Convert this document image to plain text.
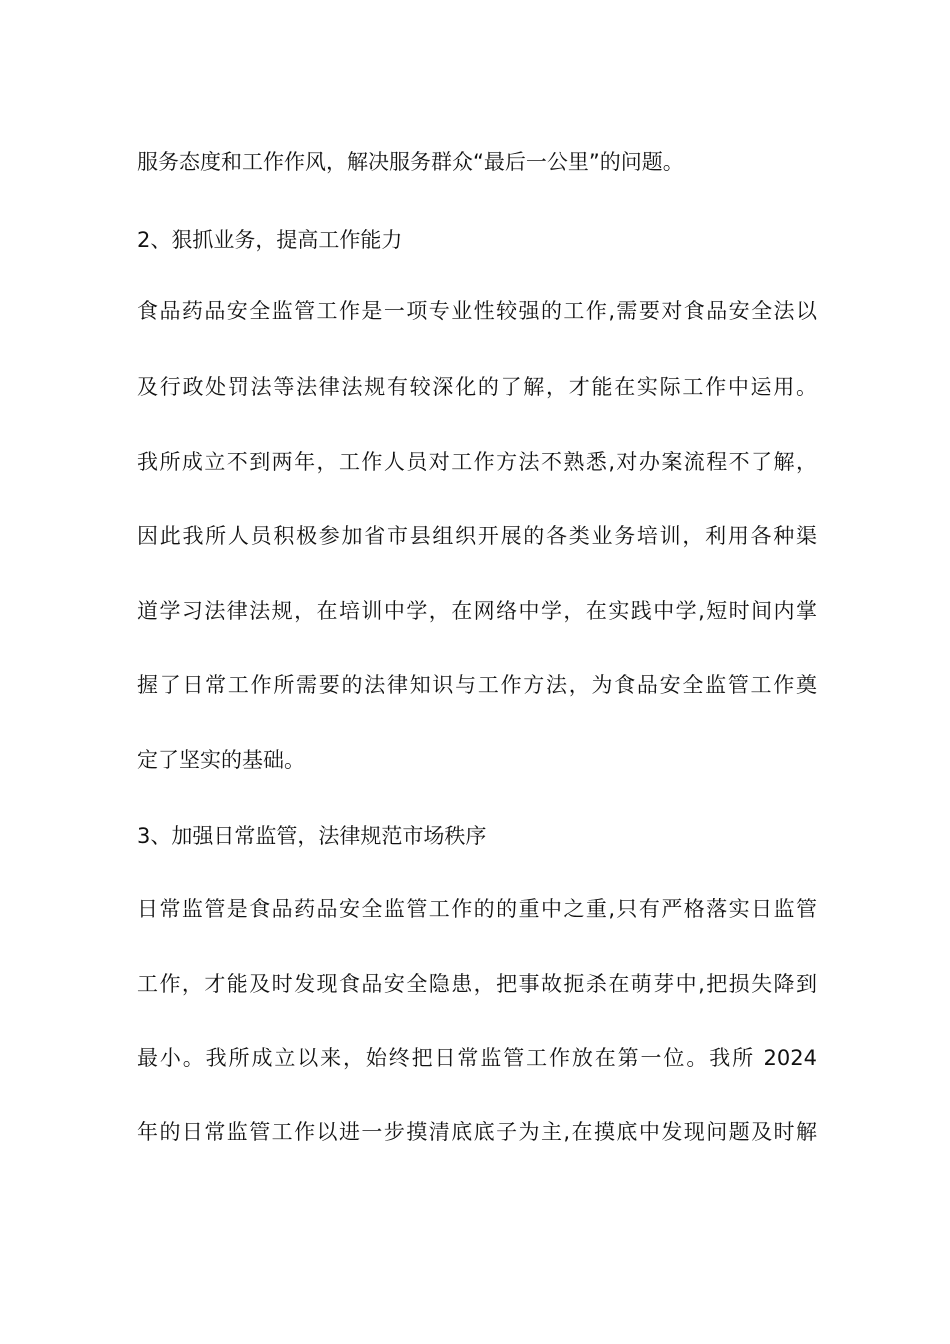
服务态度和工作作风，解决服务群众“最后一公里”的问题。
2、狠抓业务，提高工作能力
食品药品安全监管工作是一项专业性较强的工作,需要对食品安全法以
及行政处罚法等法律法规有较深化的了解，才能在实际工作中运用。
我所成立不到两年，工作人员对工作方法不熟悉,对办案流程不了解，
因此我所人员积极参加省市县组织开展的各类业务培训，利用各种渠
道学习法律法规，在培训中学，在网络中学，在实践中学,短时间内掌
握了日常工作所需要的法律知识与工作方法，为食品安全监管工作奠
定了坚实的基础。
3、加强日常监管，法律规范市场秩序
日常监管是食品药品安全监管工作的的重中之重,只有严格落实日监管
工作，才能及时发现食品安全隐患，把事故扼杀在萌芽中,把损失降到
最小。我所成立以来，始终把日常监管工作放在第一位。我所 2024
年的日常监管工作以进一步摸清底底子为主,在摸底中发现问题及时解
